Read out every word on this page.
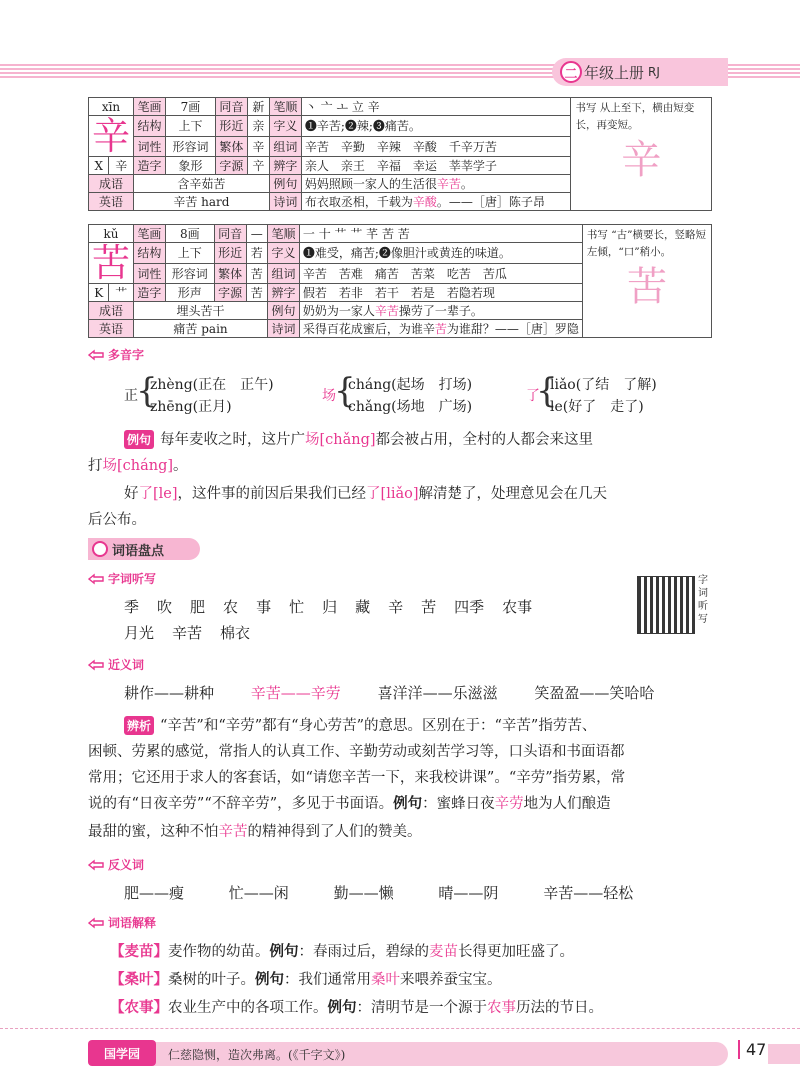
二 年级上册 RJ
xīn		笔画	7画	同音	新	笔顺	丶 亠 ㅗ 立 辛	书写 从上至下，横由短变长，再变短。
辛

辛		结构	上下	形近	亲	字义	❶辛苦;❷辣;❸痛苦。	
		词性	形容词	繁体	辛	组词	辛苦　辛勤　辛辣　辛酸　千辛万苦	
X	辛	造字	象形	字源	䇂	辨字	亲人　亲王　辛福　幸运　莘莘学子	
成语		含辛茹苦				例句	妈妈照顾一家人的生活很辛苦。	
英语		辛苦 hard				诗词	布衣取丞相，千载为辛酸。——［唐］陈子昂	
kǔ		笔画	8画	同音	—	笔顺	一 十 艹 艹 芊 苦 苦	书写 “古”横要长，竖略短左倾，“口”稍小。
苦

苦		结构	上下	形近	若	字义	❶难受，痛苦;❷像胆汁或黄连的味道。	
		词性	形容词	繁体	苦	组词	辛苦　苦难　痛苦　苦菜　吃苦　苦瓜	
K	艹	造字	形声	字源	苦	辨字	假若　若非　若干　若是　若隐若现	
成语		埋头苦干				例句	奶奶为一家人辛苦操劳了一辈子。	
英语		痛苦 pain				诗词	采得百花成蜜后，为谁辛苦为谁甜？——［唐］罗隐	
多音字
正
{
zhèng(正在　正午)
zhēng(正月)
场
{
cháng(起场　打场)
chǎng(场地　广场)
了
{
liǎo(了结　了解)
le(好了　走了)
例句 每年麦收之时，这片广场[chǎng]都会被占用，全村的人都会来这里
打场[cháng]。
好了[le]，这件事的前因后果我们已经了[liǎo]解清楚了，处理意见会在几天
后公布。
词语盘点
字词听写
季 吹 肥 农 事 忙 归 藏 辛 苦 四季 农事
月光 辛苦 棉衣
字词听写
近义词
耕作——耕种 辛苦——辛劳 喜洋洋——乐滋滋 笑盈盈——笑哈哈
辨析 “辛苦”和“辛劳”都有“身心劳苦”的意思。区别在于：“辛苦”指劳苦、
困顿、劳累的感觉，常指人的认真工作、辛勤劳动或刻苦学习等，口头语和书面语都
常用；它还用于求人的客套话，如“请您辛苦一下，来我校讲课”。“辛劳”指劳累，常
说的有“日夜辛劳”“不辞辛劳”，多见于书面语。例句：蜜蜂日夜辛劳地为人们酿造
最甜的蜜，这种不怕辛苦的精神得到了人们的赞美。
反义词
肥——瘦	忙——闲	勤——懒	晴——阴	辛苦——轻松
词语解释
【麦苗】麦作物的幼苗。例句：春雨过后，碧绿的麦苗长得更加旺盛了。
【桑叶】桑树的叶子。例句：我们通常用桑叶来喂养蚕宝宝。
【农事】农业生产中的各项工作。例句：清明节是一个源于农事历法的节日。
国学园	仁慈隐恻，造次弗离。(《千字文》)	47
